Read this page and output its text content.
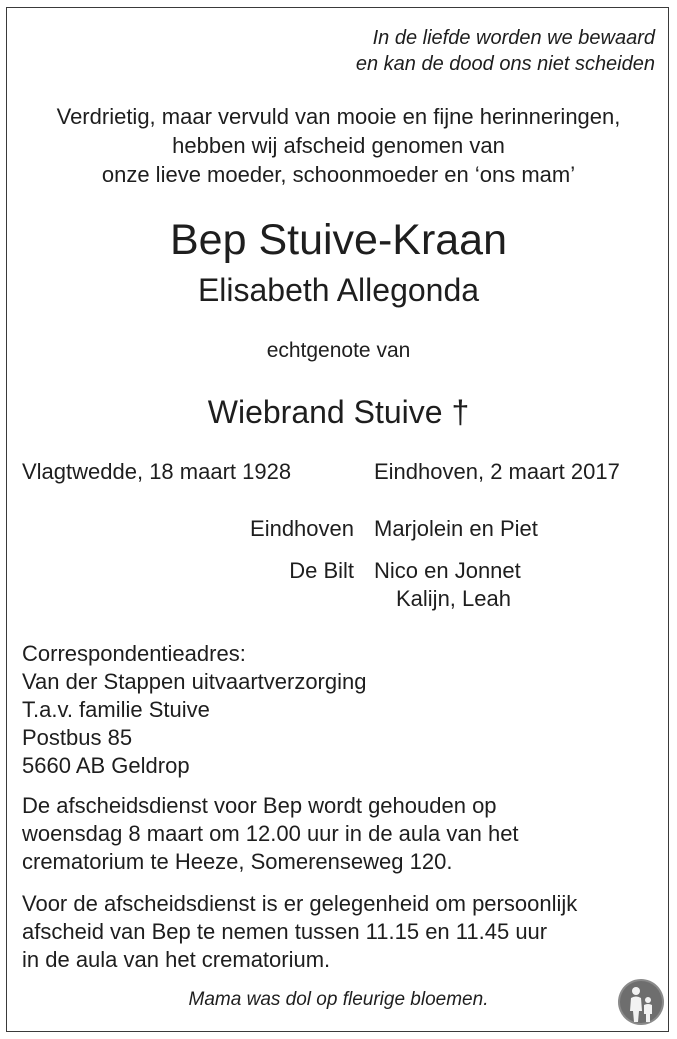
In de liefde worden we bewaard
en kan de dood ons niet scheiden
Verdrietig, maar vervuld van mooie en fijne herinneringen,
hebben wij afscheid genomen van
onze lieve moeder, schoonmoeder en ‘ons mam’
Bep Stuive-Kraan
Elisabeth Allegonda
echtgenote van
Wiebrand Stuive †
Vlagtwedde, 18 maart 1928	Eindhoven, 2 maart 2017
Eindhoven Marjolein en Piet
De Bilt Nico en Jonnet
Kalijn, Leah
Correspondentieadres:
Van der Stappen uitvaartverzorging
T.a.v. familie Stuive
Postbus 85
5660 AB Geldrop
De afscheidsdienst voor Bep wordt gehouden op
woensdag 8 maart om 12.00 uur in de aula van het
crematorium te Heeze, Somerenseweg 120.
Voor de afscheidsdienst is er gelegenheid om persoonlijk
afscheid van Bep te nemen tussen 11.15 en 11.45 uur
in de aula van het crematorium.
Mama was dol op fleurige bloemen.
